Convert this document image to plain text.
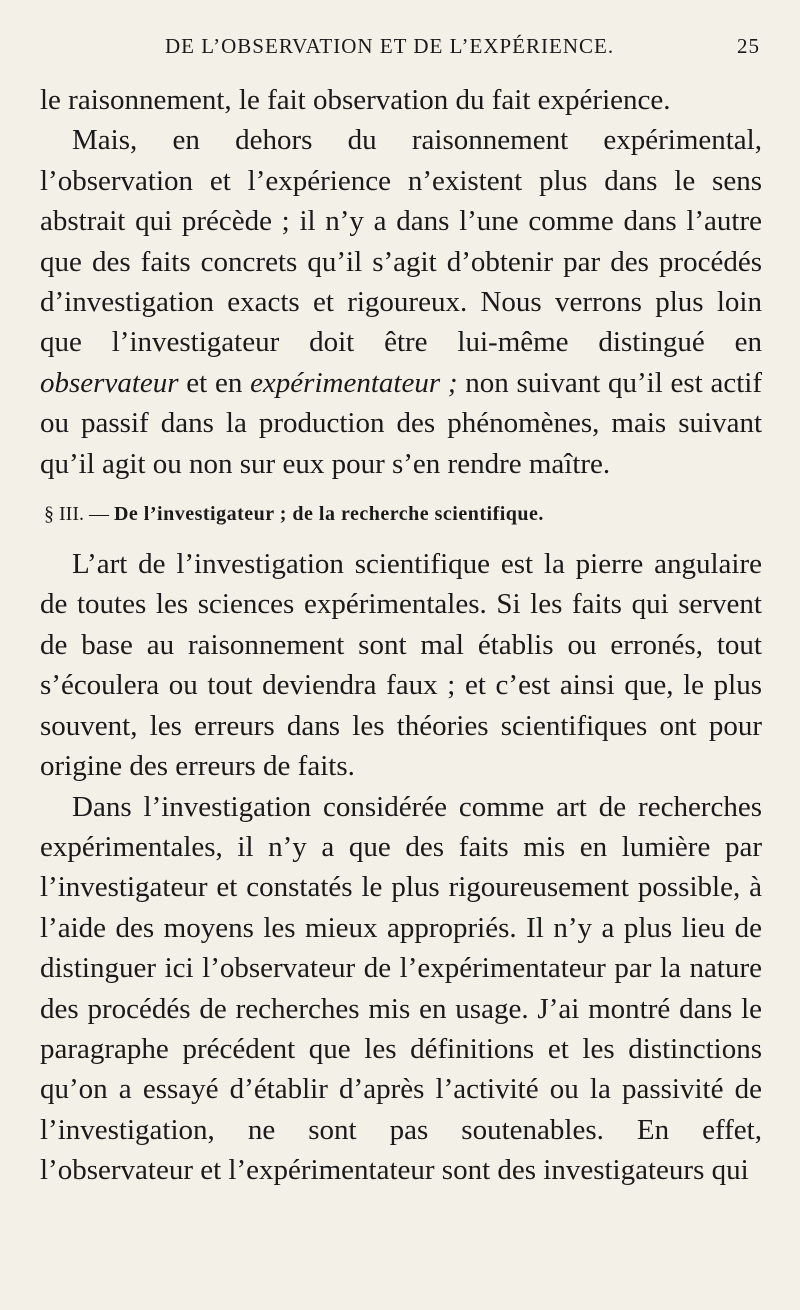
DE L’OBSERVATION ET DE L’EXPÉRIENCE.	25

le raisonnement, le fait observation du fait expérience.

Mais, en dehors du raisonnement expérimental, l’observation et l’expérience n’existent plus dans le sens abstrait qui précède ; il n’y a dans l’une comme dans l’autre que des faits concrets qu’il s’agit d’obtenir par des procédés d’investigation exacts et rigoureux. Nous verrons plus loin que l’investigateur doit être lui-même distingué en observateur et en expérimentateur ; non suivant qu’il est actif ou passif dans la production des phénomènes, mais suivant qu’il agit ou non sur eux pour s’en rendre maître.

§ III. — De l’investigateur ; de la recherche scientifique.

L’art de l’investigation scientifique est la pierre angulaire de toutes les sciences expérimentales. Si les faits qui servent de base au raisonnement sont mal établis ou erronés, tout s’écoulera ou tout deviendra faux ; et c’est ainsi que, le plus souvent, les erreurs dans les théories scientifiques ont pour origine des erreurs de faits.

Dans l’investigation considérée comme art de recherches expérimentales, il n’y a que des faits mis en lumière par l’investigateur et constatés le plus rigoureusement possible, à l’aide des moyens les mieux appropriés. Il n’y a plus lieu de distinguer ici l’observateur de l’expérimentateur par la nature des procédés de recherches mis en usage. J’ai montré dans le paragraphe précédent que les définitions et les distinctions qu’on a essayé d’établir d’après l’activité ou la passivité de l’investigation, ne sont pas soutenables. En effet, l’observateur et l’expérimentateur sont des investigateurs qui
